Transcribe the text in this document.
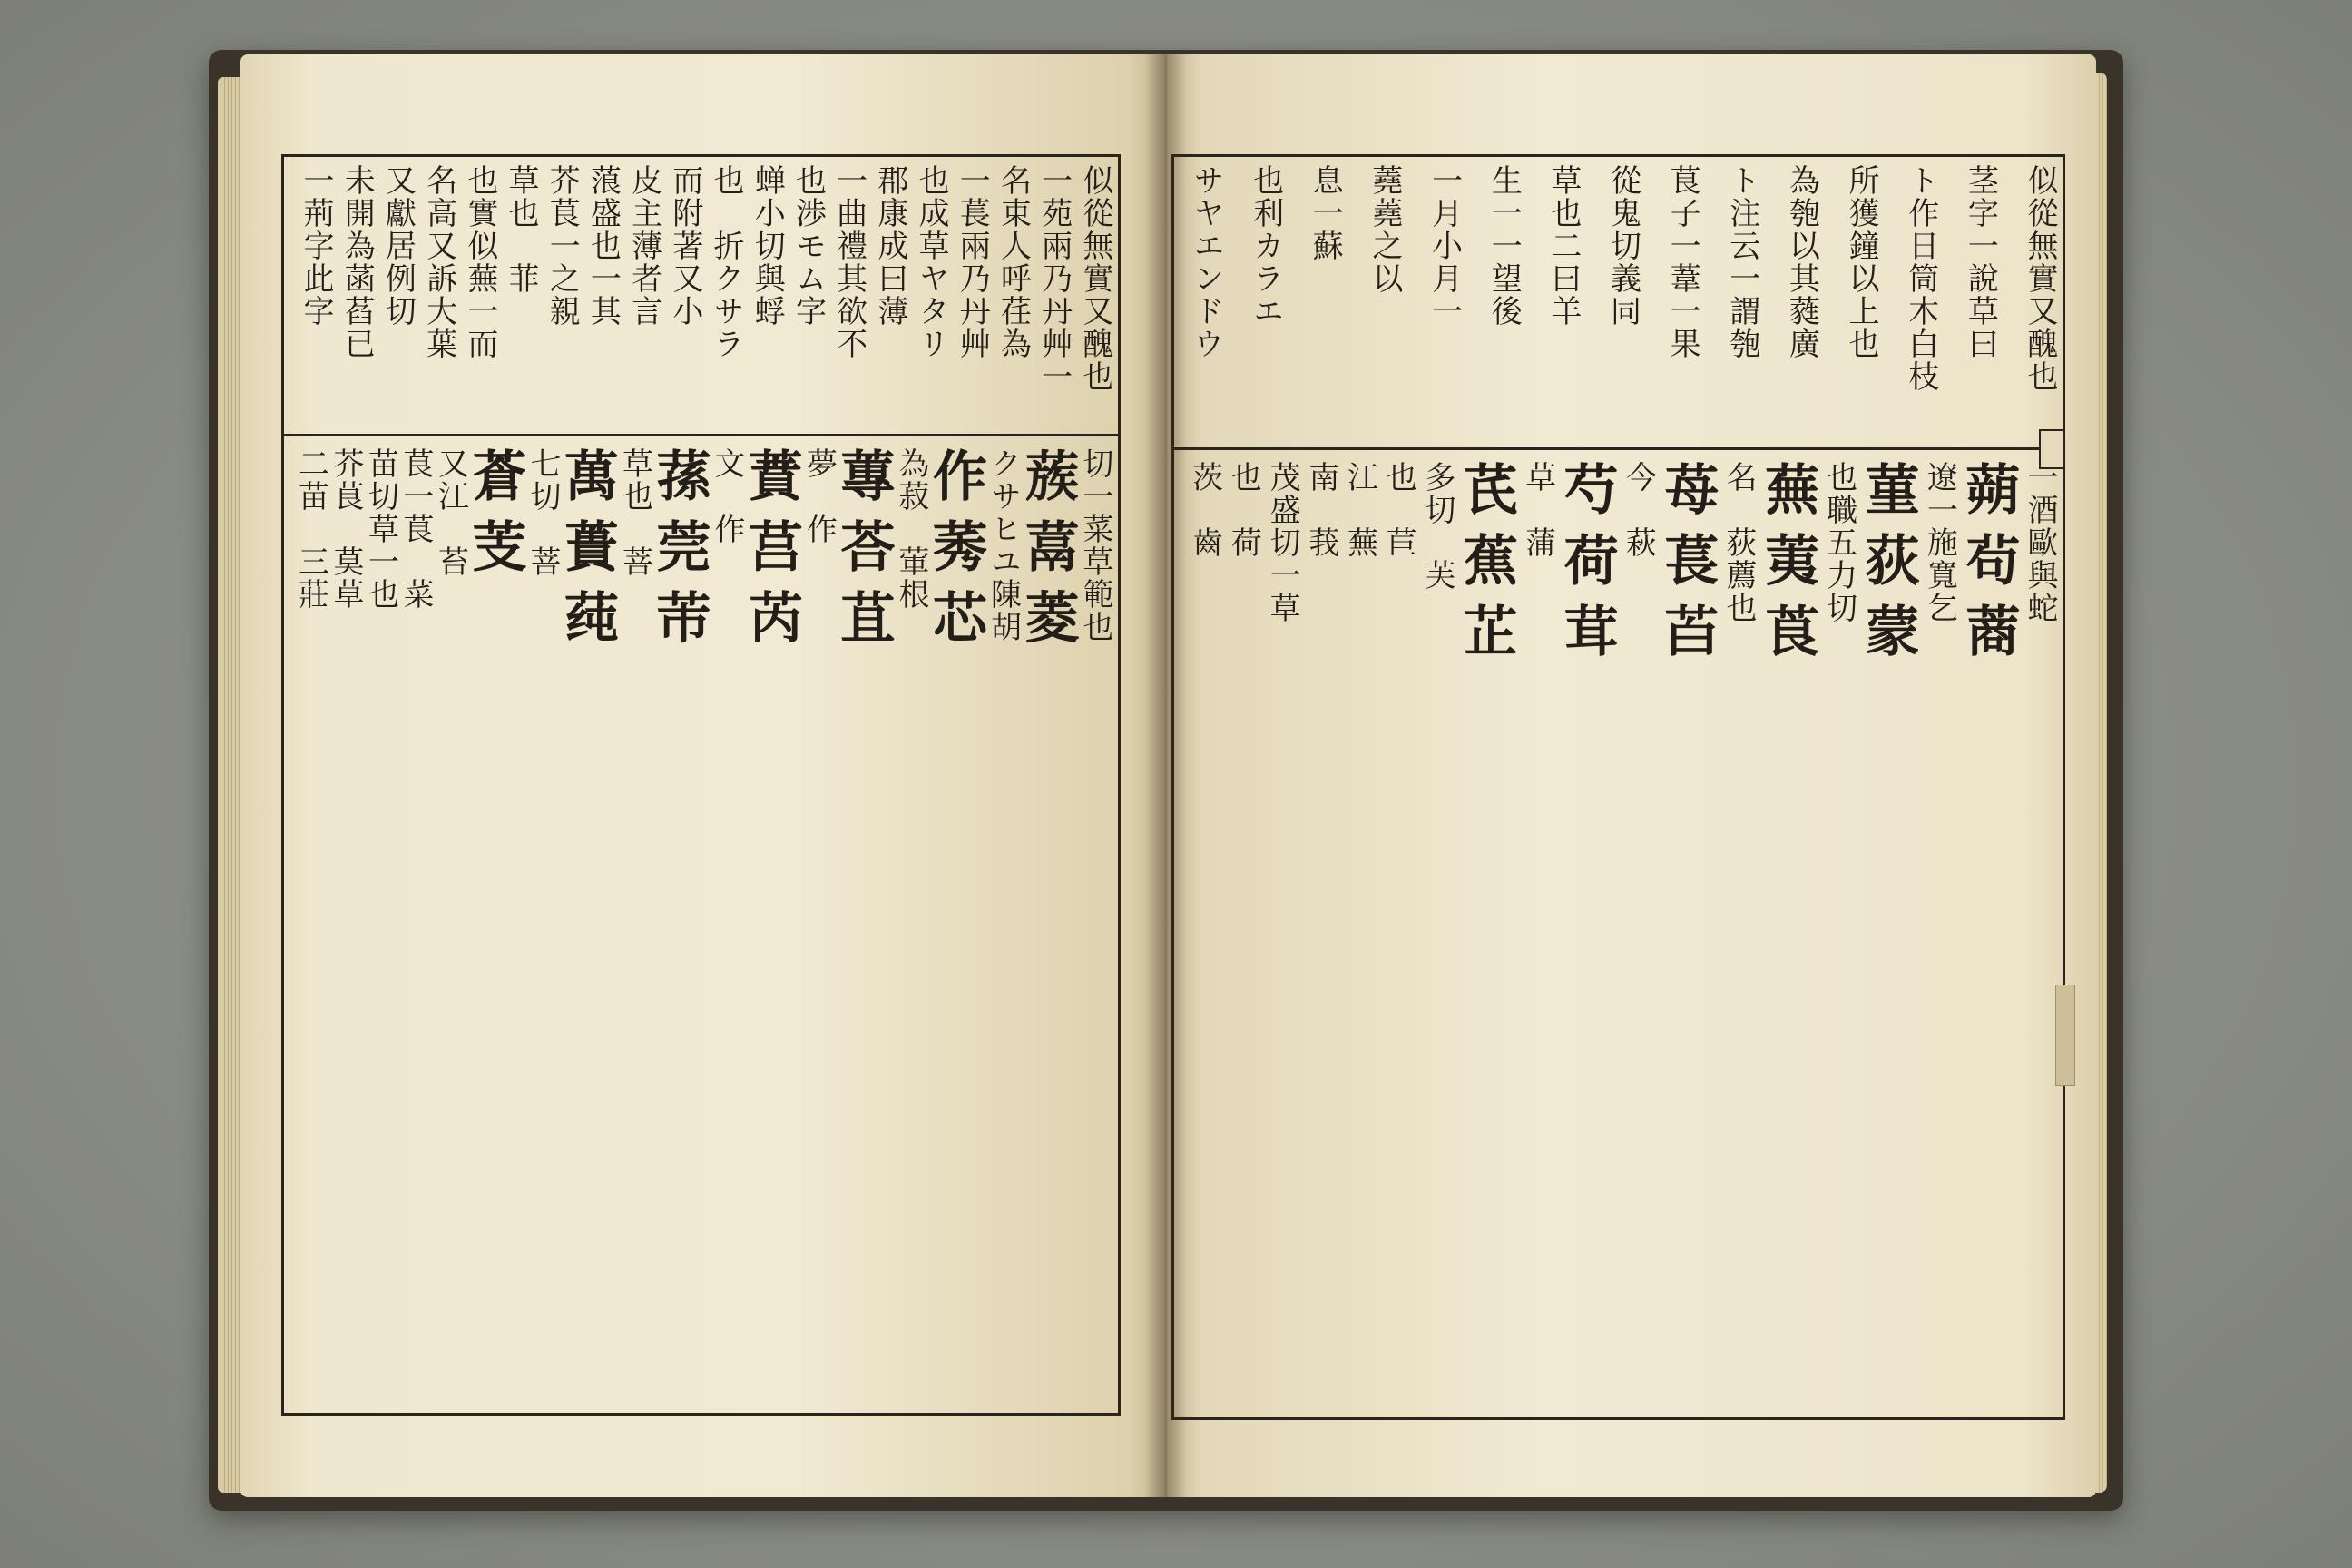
似從無實又醜也
一苑兩乃丹艸一
名東人呼荏為
一萇兩乃丹艸
也成草ヤタリ
郡康成曰薄
一曲禮其欲不
也渉モム字
蝉小切與蜉
也　折クサラ
而附著又小
皮主薄者言
蒗盛也一其
芥茛一之親
草也　菲
也實似蕪一而
名高又訴大葉
又獻居例切
未開為菡萏已
一荊字此字
切一菜草範也
蔟蒚菱
クサヒユ陳胡
作莠芯
為菽　葷根
蓴荅苴
夢　作
蕡莒芮
文　作
蓀莞芾
草也　菩
萬蕢莼
七切　菩
蒼芰
又江　苔
茛一茛　菜
苗切草一也
芥茛　莫草
二苗　三莊
似從無實又醜也
茎字一說草曰
ト作日筒木白枝
所獲鐘以上也
為匏以其蕤廣
ト注云一謂匏
茛子一葦一果
從鬼切義同
草也二曰羊
生一一望後
一月小月一
蕘蕘之以
息一蘇
也利カラエ
サヤエンドウ
一酒歐與蛇
蒴茍蔏
遼一施寬乞
菫荻蒙
也職五力切
蕪荑莨
名　荻薦也
苺萇苩
今　萩
芍荷茸
草　蒲
芪蕉芷
多切　芙
也　苣
江　蕪
南　莪
茂盛切一草
也　荷
茨　齒
